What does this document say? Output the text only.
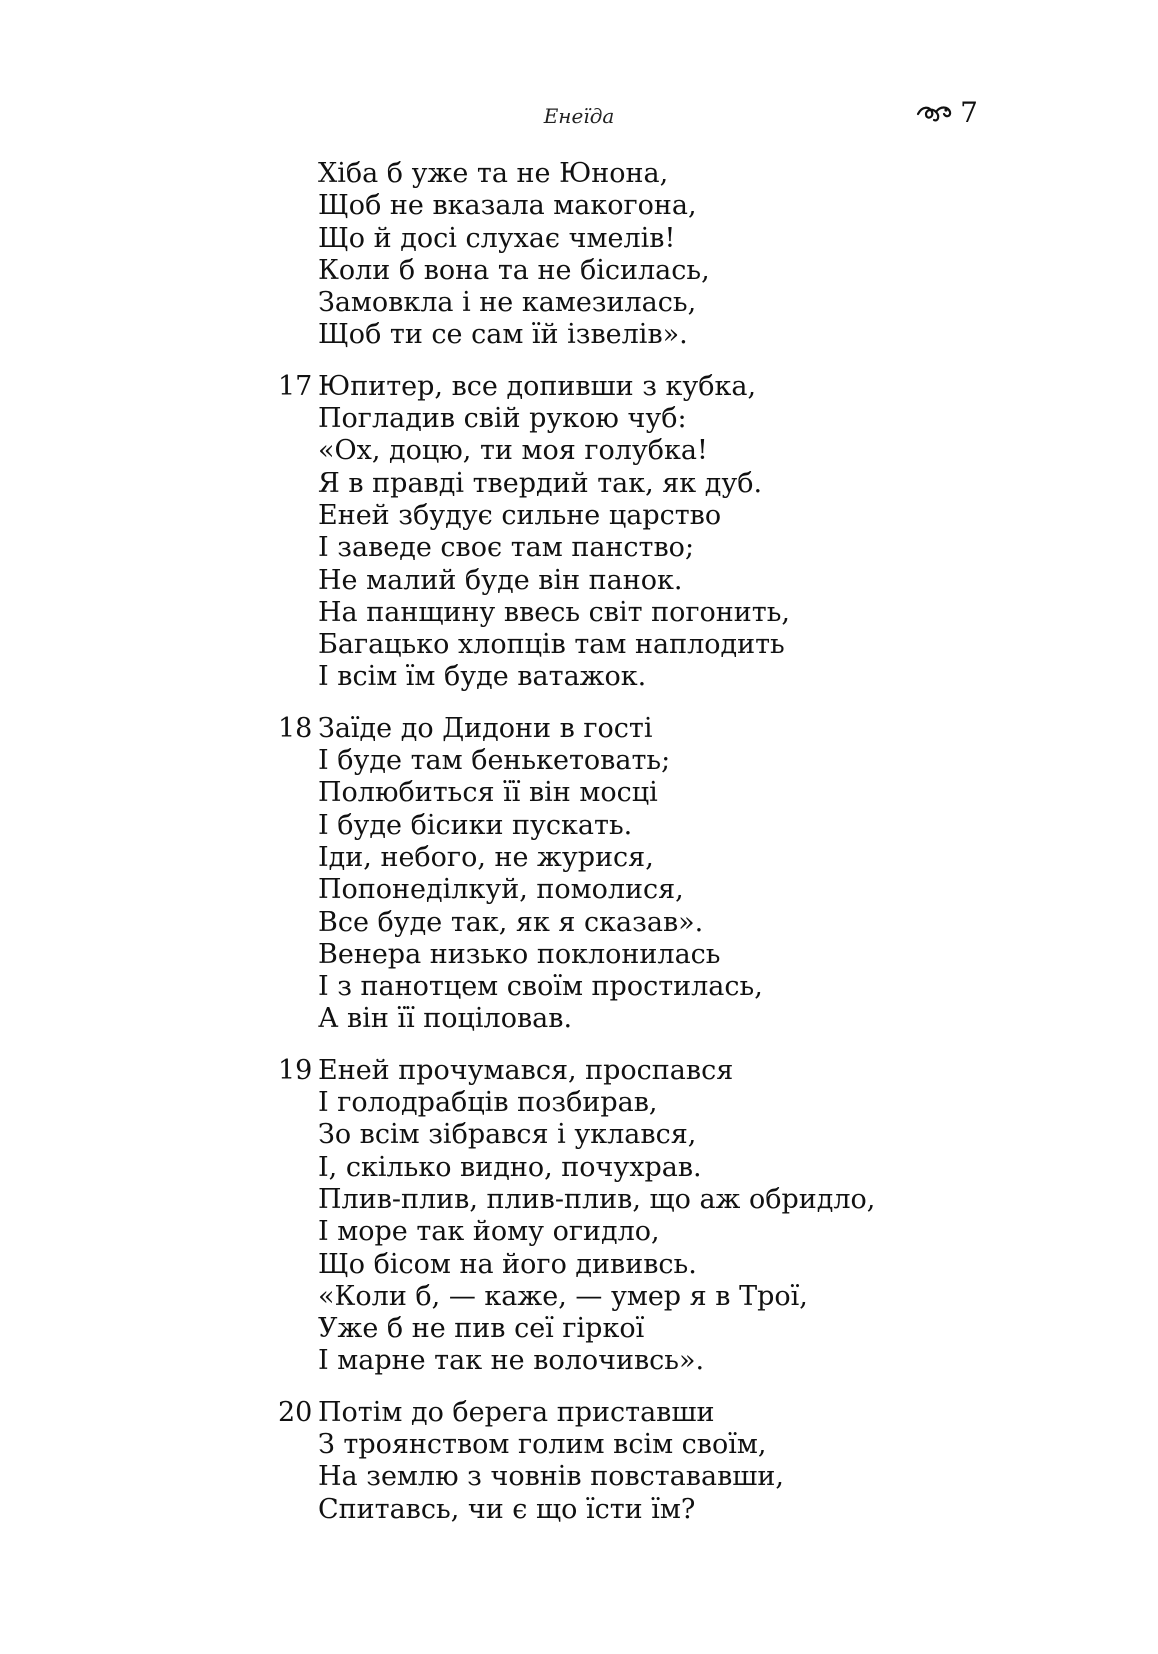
Енеїда	7
Хіба б уже та не Юнона,
Щоб не вказала макогона,
Що й досі слухає чмелів!
Коли б вона та не бісилась,
Замовкла і не камезилась,
Щоб ти се сам їй ізвелів».
17 Юпитер, все допивши з кубка,
Погладив свій рукою чуб:
«Ох, доцю, ти моя голубка!
Я в правді твердий так, як дуб.
Еней збудує сильне царство
І заведе своє там панство;
Не малий буде він панок.
На панщину ввесь світ погонить,
Багацько хлопців там наплодить
І всім їм буде ватажок.
18 Заїде до Дидони в гості
І буде там бенькетовать;
Полюбиться її він мосці
І буде бісики пускать.
Іди, небого, не журися,
Попонеділкуй, помолися,
Все буде так, як я сказав».
Венера низько поклонилась
І з панотцем своїм простилась,
А він її поціловав.
19 Еней прочумався, проспався
І голодрабців позбирав,
Зо всім зібрався і уклався,
І, скілько видно, почухрав.
Плив-плив, плив-плив, що аж обридло,
І море так йому огидло,
Що бісом на його дививсь.
«Коли б, — каже, — умер я в Трої,
Уже б не пив сеї гіркої
І марне так не волочивсь».
20 Потім до берега приставши
З троянством голим всім своїм,
На землю з човнів повстававши,
Спитавсь, чи є що їсти їм?
